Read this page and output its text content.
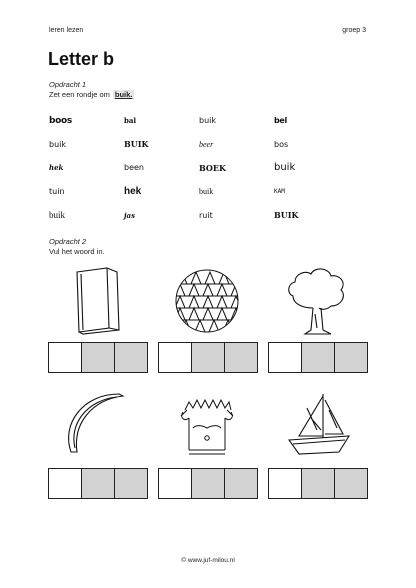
leren lezen	groep 3
Letter b
Opdracht 1
Zet een rondje om buik.
boos	bal	buik	bel
buik	BUIK	beer	bos
hek	been	BOEK	buik
tuin	hek	buik	KAM
buik	jas	ruit	BUIK
Opdracht 2
Vul het woord in.
© www.juf-milou.nl
